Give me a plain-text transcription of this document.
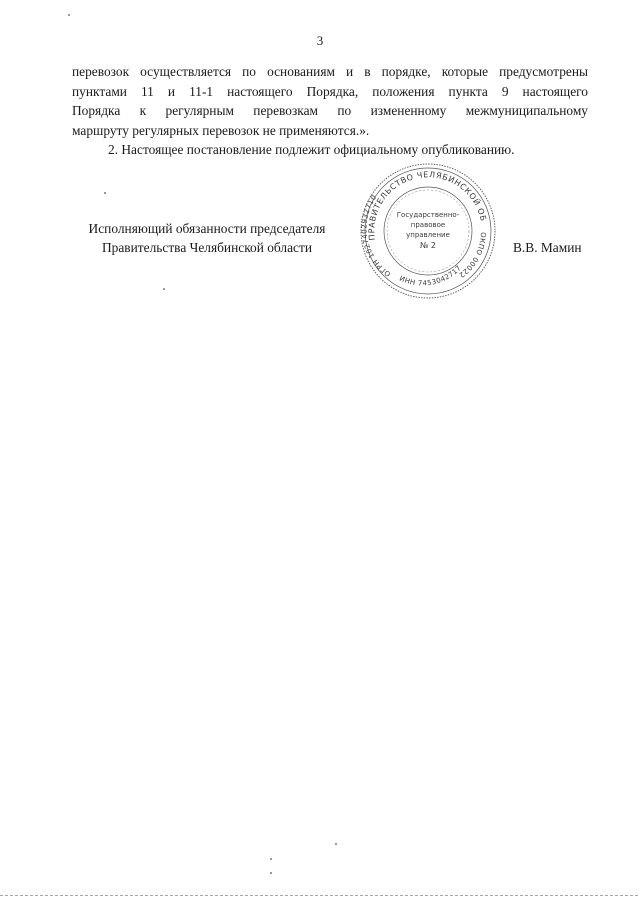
3

перевозок осуществляется по основаниям и в порядке, которые предусмотрены
пунктами 11 и 11-1 настоящего Порядка, положения пункта 9 настоящего
Порядка к регулярным перевозкам по измененному межмуниципальному
маршруту регулярных перевозок не применяются.».

2. Настоящее постановление подлежит официальному опубликованию.

Исполняющий обязанности председателя
Правительства Челябинской области	В.В. Мамин
ПРАВИТЕЛЬСТВО ЧЕЛЯБИНСКОЙ ОБ
ОГРН 1027402932710
ОКПО 00022
ИНН 7453042717
Государственно-
правовое
управление
№ 2
